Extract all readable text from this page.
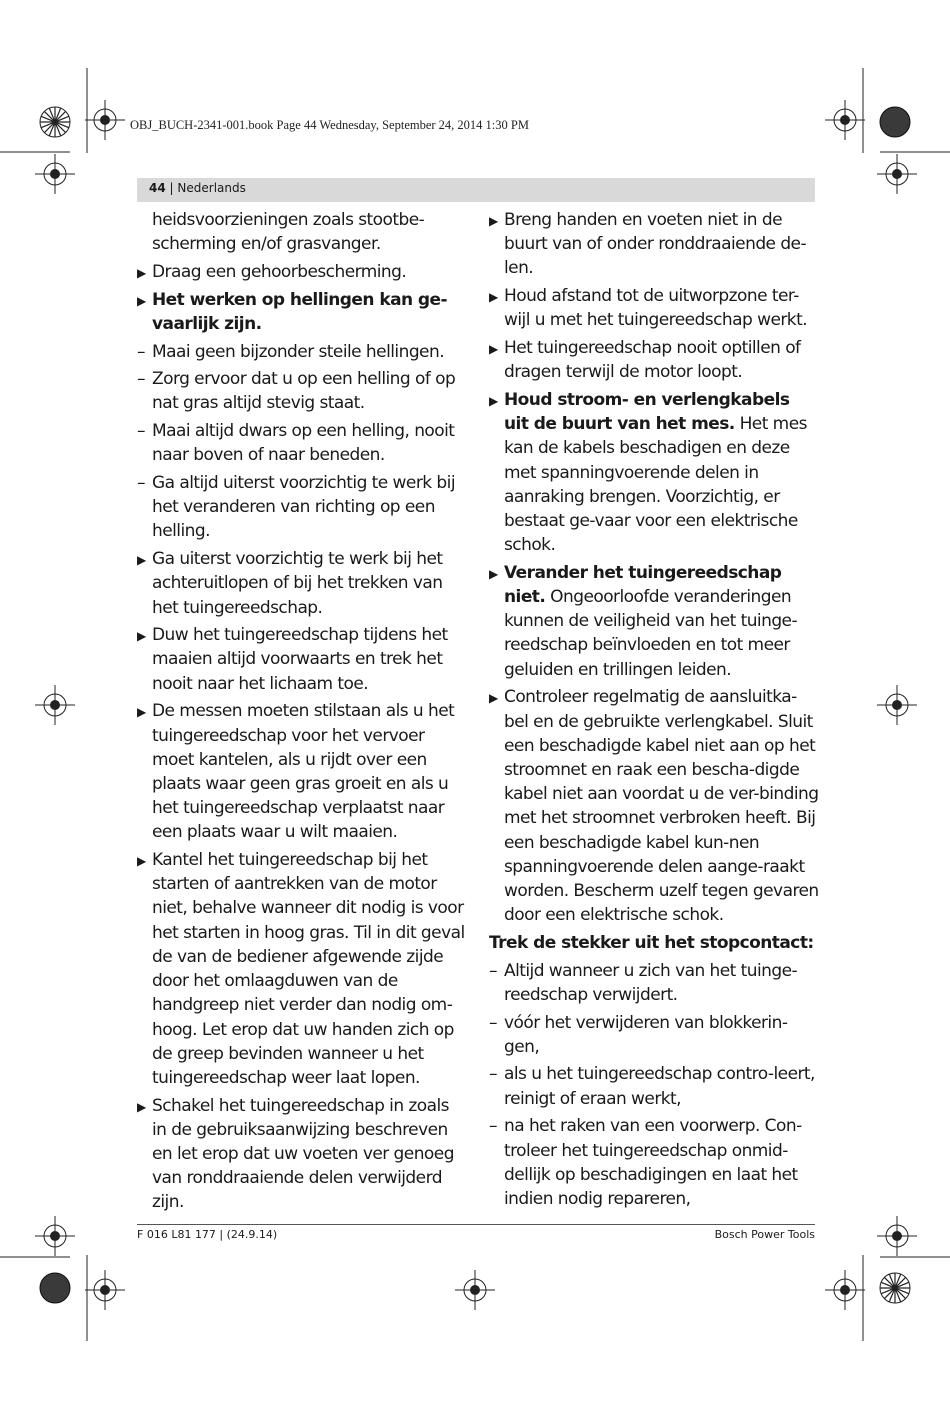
OBJ_BUCH-2341-001.book Page 44 Wednesday, September 24, 2014 1:30 PM
44 | Nederlands
heidsvoorzieningen zoals stootbe-scherming en/of grasvanger.
▶ Draag een gehoorbescherming.
▶ Het werken op hellingen kan ge-vaarlijk zijn.
– Maai geen bijzonder steile hellingen.
– Zorg ervoor dat u op een helling of op nat gras altijd stevig staat.
– Maai altijd dwars op een helling, nooit naar boven of naar beneden.
– Ga altijd uiterst voorzichtig te werk bij het veranderen van richting op een helling.
▶ Ga uiterst voorzichtig te werk bij het achteruitlopen of bij het trekken van het tuingereedschap.
▶ Duw het tuingereedschap tijdens het maaien altijd voorwaarts en trek het nooit naar het lichaam toe.
▶ De messen moeten stilstaan als u het tuingereedschap voor het vervoer moet kantelen, als u rijdt over een plaats waar geen gras groeit en als u het tuingereedschap verplaatst naar een plaats waar u wilt maaien.
▶ Kantel het tuingereedschap bij het starten of aantrekken van de motor niet, behalve wanneer dit nodig is voor het starten in hoog gras. Til in dit geval de van de bediener afgewende zijde door het omlaagduwen van de handgreep niet verder dan nodig om-hoog. Let erop dat uw handen zich op de greep bevinden wanneer u het tuingereedschap weer laat lopen.
▶ Schakel het tuingereedschap in zoals in de gebruiksaanwijzing beschreven en let erop dat uw voeten ver genoeg van ronddraaiende delen verwijderd zijn.
▶ Breng handen en voeten niet in de buurt van of onder ronddraaiende de-len.
▶ Houd afstand tot de uitworpzone ter-wijl u met het tuingereedschap werkt.
▶ Het tuingereedschap nooit optillen of dragen terwijl de motor loopt.
▶ Houd stroom- en verlengkabels uit de buurt van het mes. Het mes kan de kabels beschadigen en deze met spanningvoerende delen in aanraking brengen. Voorzichtig, er bestaat ge-vaar voor een elektrische schok.
▶ Verander het tuingereedschap niet. Ongeoorloofde veranderingen kunnen de veiligheid van het tuinge-reedschap beïnvloeden en tot meer geluiden en trillingen leiden.
▶ Controleer regelmatig de aansluitka-bel en de gebruikte verlengkabel. Sluit een beschadigde kabel niet aan op het stroomnet en raak een bescha-digde kabel niet aan voordat u de ver-binding met het stroomnet verbroken heeft. Bij een beschadigde kabel kun-nen spanningvoerende delen aange-raakt worden. Bescherm uzelf tegen gevaren door een elektrische schok.
Trek de stekker uit het stopcontact:
– Altijd wanneer u zich van het tuinge-reedschap verwijdert.
– vóór het verwijderen van blokkerin-gen,
– als u het tuingereedschap contro-leert, reinigt of eraan werkt,
– na het raken van een voorwerp. Con-troleer het tuingereedschap onmid-dellijk op beschadigingen en laat het indien nodig repareren,
F 016 L81 177 | (24.9.14)	Bosch Power Tools
